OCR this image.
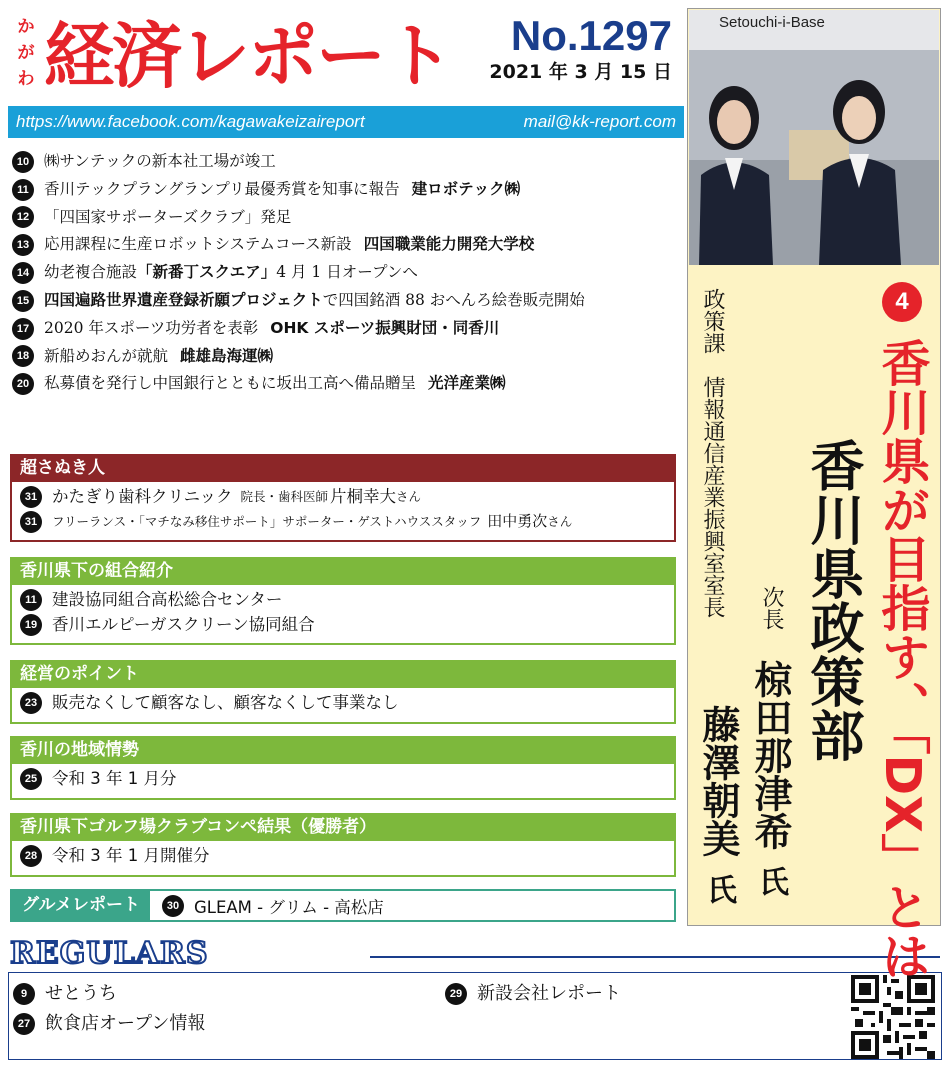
か
が
わ 経済レポート	No.1297
2021 年 3 月 15 日
https://www.facebook.com/kagawakeizaireport	mail@kk-report.com
10 ㈱サンテックの新本社工場が竣工
11 香川テックプラングランプリ最優秀賞を知事に報告 建ロボテック㈱
12 「四国家サポーターズクラブ」発足
13 応用課程に生産ロボットシステムコース新設 四国職業能力開発大学校
14 幼老複合施設 「新番丁スクエア」 4 月 1 日オープンへ
15 四国遍路世界遺産登録祈願プロジェクト で四国銘酒 88 おへんろ絵巻販売開始
17 2020 年スポーツ功労者を表彰 OHK スポーツ振興財団・同香川
18 新船めおんが就航 雌雄島海運㈱
20 私募債を発行し中国銀行とともに坂出工高へ備品贈呈 光洋産業㈱
超さぬき人
31 かたぎり歯科クリニック 院長・歯科医師 片桐幸大 さん
31	フリーランス・「マチなみ移住サポート」サポーター・ゲストハウススタッフ 田中勇次 さん
香川県下の組合紹介
11 建設協同組合高松総合センター
19 香川エルピーガスクリーン協同組合
経営のポイント
23 販売なくして顧客なし、顧客なくして事業なし
香川の地域情勢
25 令和 3 年 1 月分
香川県下ゴルフ場クラブコンペ結果（優勝者）
28 令和 3 年 1 月開催分
グルメレポート	30 GLEAM - グリム - 高松店
REGULARS
9 せとうち
27 飲食店オープン情報
29 新設会社レポート
Setouchi-i-Base
4
香川県が目指す、「DX」とは
香川県政策部
次長
椋田那津希
氏
政策課　情報通信産業振興室室長
藤澤朝美
氏
